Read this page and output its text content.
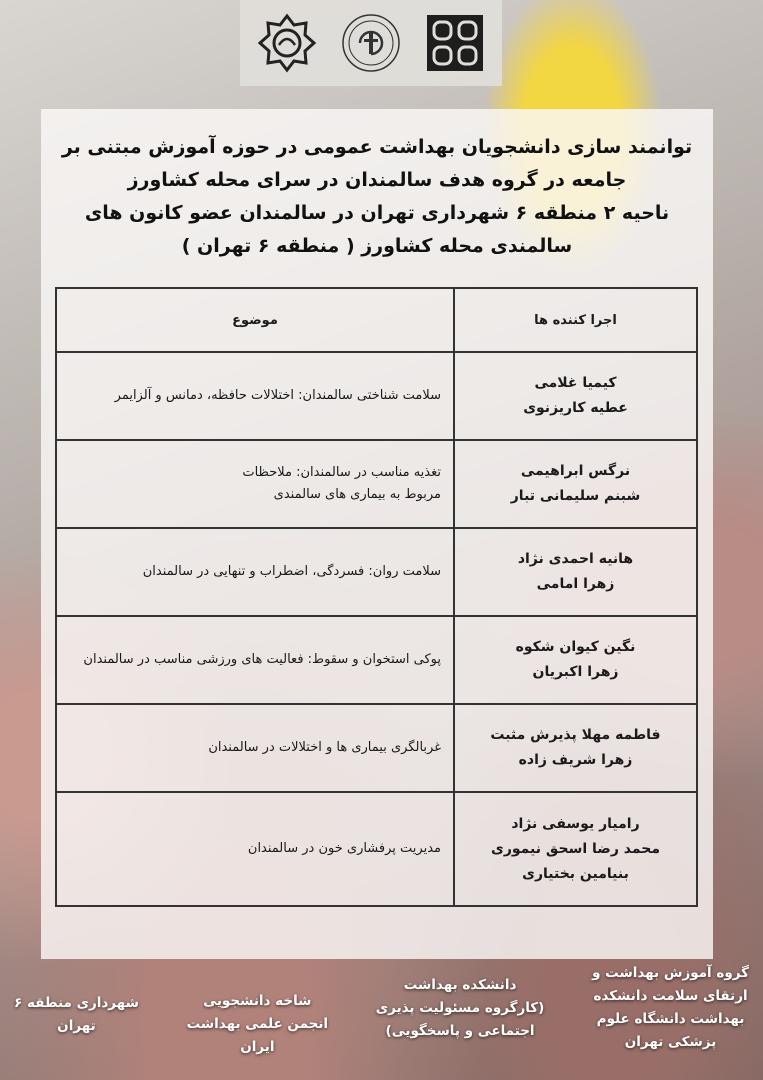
توانمند سازی دانشجویان بهداشت عمومی در حوزه آموزش مبتنی بر
جامعه در گروه هدف سالمندان در سرای محله کشاورز
ناحیه ۲ منطقه ۶ شهرداری تهران در سالمندان عضو کانون های
سالمندی محله کشاورز ( منطقه ۶ تهران )
اجرا کننده ها	موضوع

کیمیا غلامی
عطیه کاریزنوی	سلامت شناختی سالمندان: اختلالات حافظه، دمانس و آلزایمر

نرگس ابراهیمی
شبنم سلیمانی تبار	تغذیه مناسب در سالمندان: ملاحظات مربوط به بیماری های سالمندی

هانیه احمدی نژاد
زهرا امامی	سلامت روان: فسردگی، اضطراب و تنهایی در سالمندان

نگین کیوان شکوه
زهرا اکبریان	پوکی استخوان و سقوط: فعالیت های ورزشی مناسب در سالمندان

فاطمه مهلا پذیرش مثبت
زهرا شریف زاده	غربالگری بیماری ها و اختلالات در سالمندان

رامیار یوسفی نژاد
محمد رضا اسحق نیموری
بنیامین بختیاری	مدیریت پرفشاری خون در سالمندان
گروه آموزش بهداشت و
ارتقای سلامت دانشکده
بهداشت دانشگاه علوم
پزشکی تهران
دانشکده بهداشت
(کارگروه مسئولیت پذیری
اجتماعی و پاسخگویی)
شاخه دانشجویی
انجمن علمی بهداشت
ایران
شهرداری منطقه ۶
تهران
